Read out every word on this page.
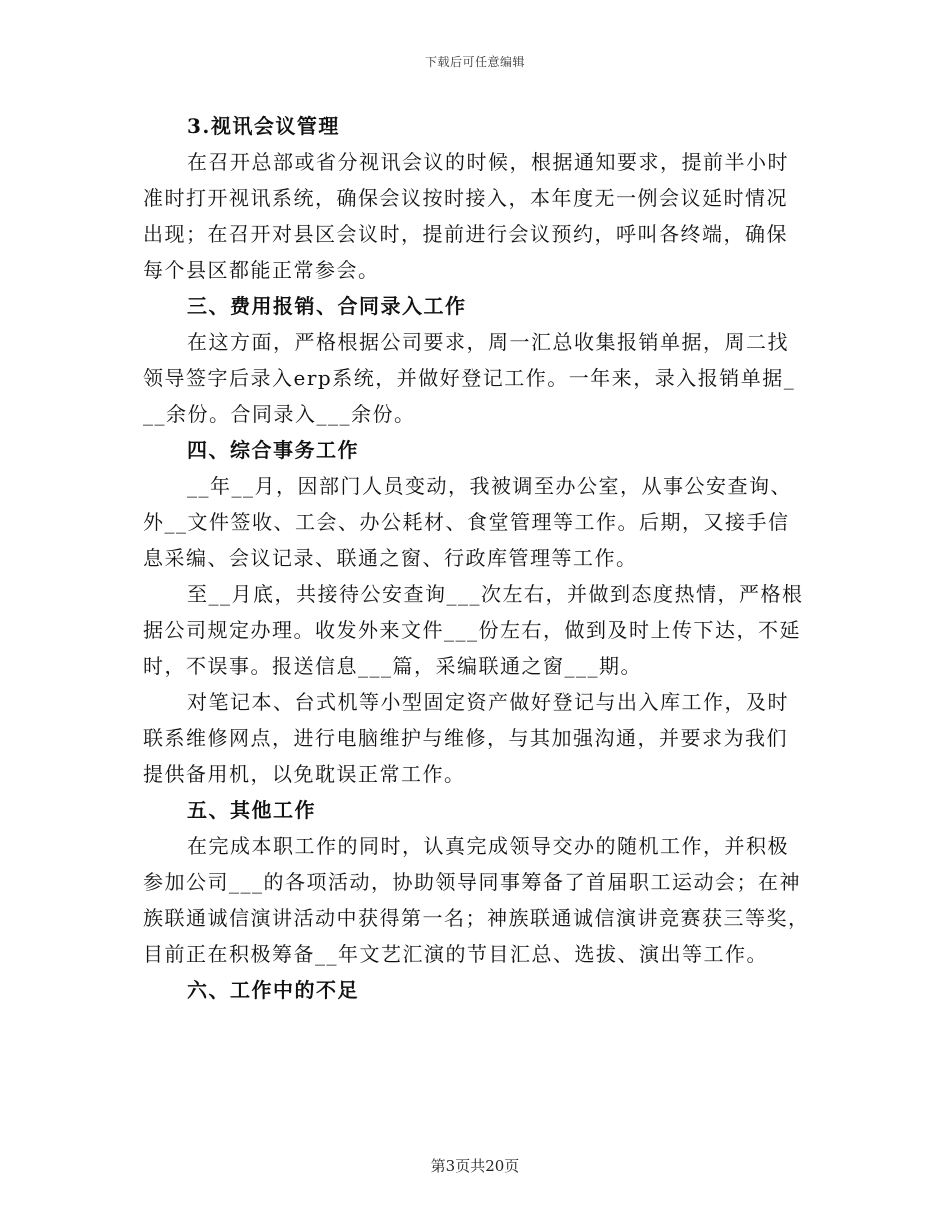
下载后可任意编辑
3.视讯会议管理
在召开总部或省分视讯会议的时候，根据通知要求，提前半小时
准时打开视讯系统，确保会议按时接入，本年度无一例会议延时情况
出现；在召开对县区会议时，提前进行会议预约，呼叫各终端，确保
每个县区都能正常参会。
三、费用报销、合同录入工作
在这方面，严格根据公司要求，周一汇总收集报销单据，周二找
领导签字后录入erp系统，并做好登记工作。一年来，录入报销单据_
__余份。合同录入___余份。
四、综合事务工作
__年__月，因部门人员变动，我被调至办公室，从事公安查询、
外__文件签收、工会、办公耗材、食堂管理等工作。后期，又接手信
息采编、会议记录、联通之窗、行政库管理等工作。
至__月底，共接待公安查询___次左右，并做到态度热情，严格根
据公司规定办理。收发外来文件___份左右，做到及时上传下达，不延
时，不误事。报送信息___篇，采编联通之窗___期。
对笔记本、台式机等小型固定资产做好登记与出入库工作，及时
联系维修网点，进行电脑维护与维修，与其加强沟通，并要求为我们
提供备用机，以免耽误正常工作。
五、其他工作
在完成本职工作的同时，认真完成领导交办的随机工作，并积极
参加公司___的各项活动，协助领导同事筹备了首届职工运动会；在神
族联通诚信演讲活动中获得第一名；神族联通诚信演讲竞赛获三等奖，
目前正在积极筹备__年文艺汇演的节目汇总、选拔、演出等工作。
六、工作中的不足
第3页共20页
